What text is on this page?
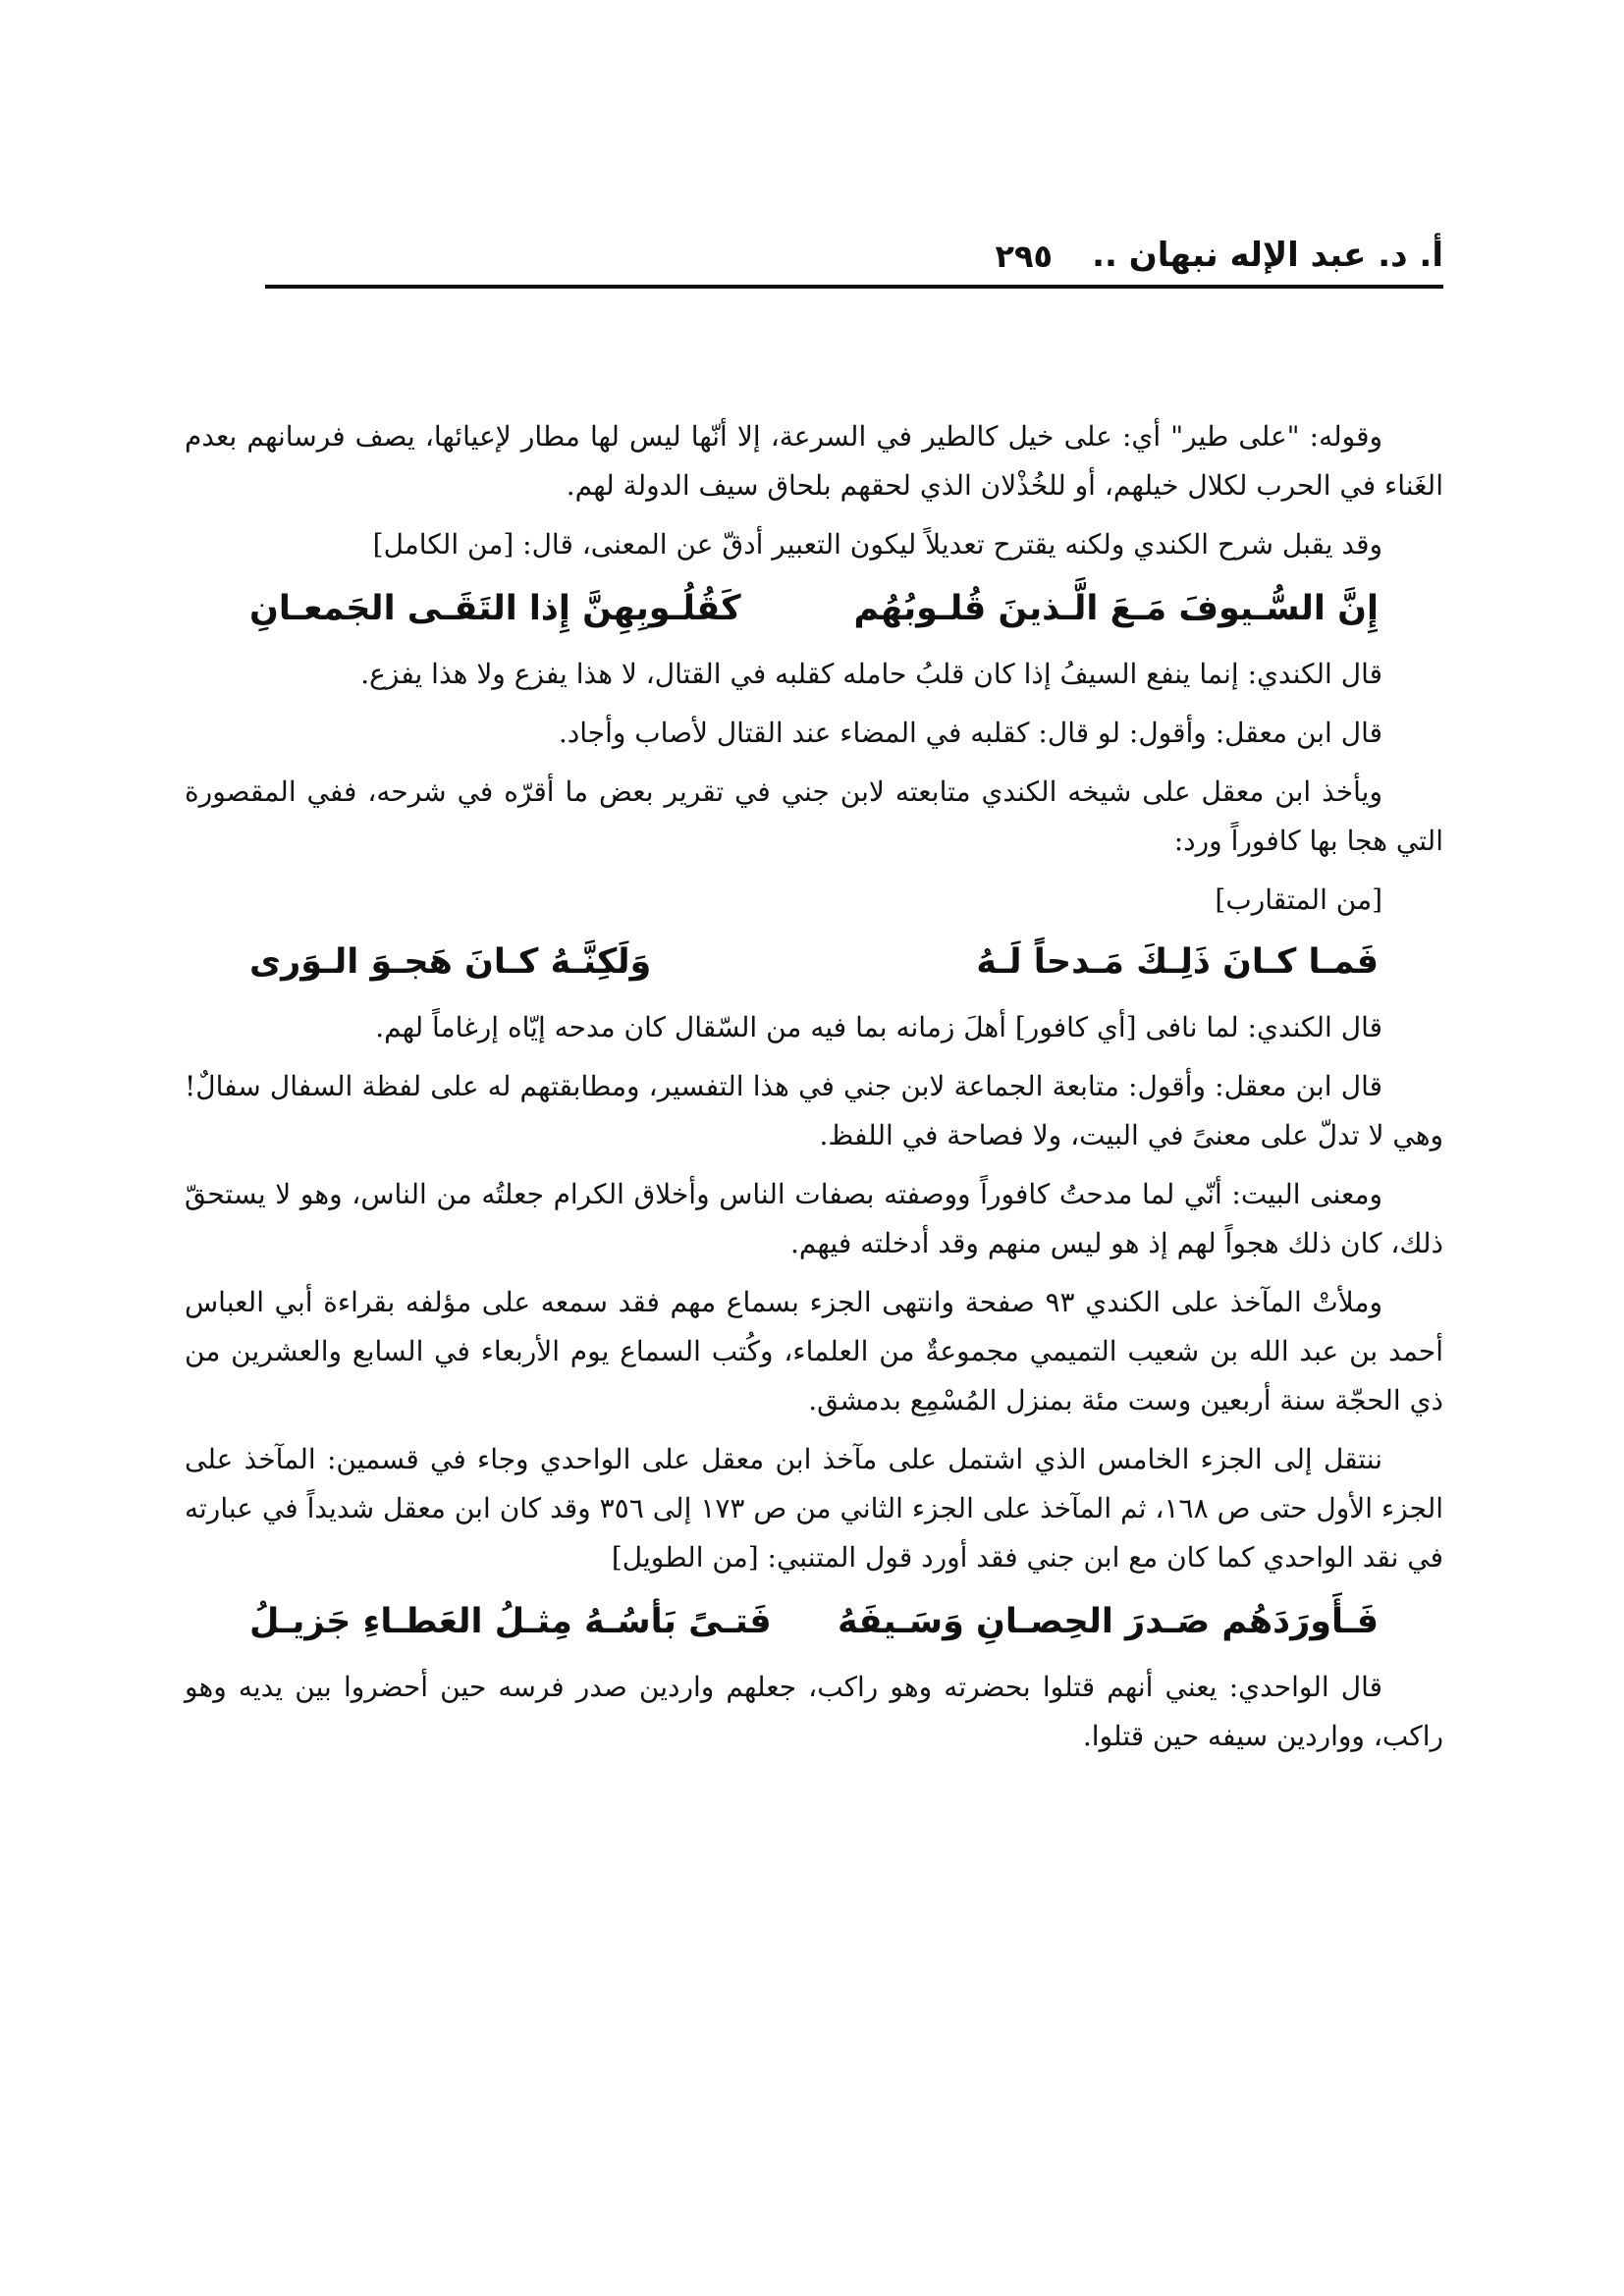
أ. د. عبد الإله نبهان ..
٢٩٥

وقوله: "على طير" أي: على خيل كالطير في السرعة، إلا أنّها ليس لها مطار لإعيائها، يصف فرسانهم بعدم الغَناء في الحرب لكلال خيلهم، أو للخُذْلان الذي لحقهم بلحاق سيف الدولة لهم.

وقد يقبل شرح الكندي ولكنه يقترح تعديلاً ليكون التعبير أدقّ عن المعنى، قال: [من الكامل]

إِنَّ السُّـيوفَ مَـعَ الَّـذينَ قُلـوبُهُم
كَقُلُـوبِهِنَّ إِذا التَقَـى الجَمعـانِ

قال الكندي: إنما ينفع السيفُ إذا كان قلبُ حامله كقلبه في القتال، لا هذا يفزع ولا هذا يفزع.

قال ابن معقل: وأقول: لو قال: كقلبه في المضاء عند القتال لأصاب وأجاد.

ويأخذ ابن معقل على شيخه الكندي متابعته لابن جني في تقرير بعض ما أقرّه في شرحه، ففي المقصورة التي هجا بها كافوراً ورد:

[من المتقارب]

فَمـا كـانَ ذَلِـكَ مَـدحاً لَـهُ
وَلَكِنَّـهُ كـانَ هَجـوَ الـوَرى

قال الكندي: لما نافى [أي كافور] أهلَ زمانه بما فيه من السّقال كان مدحه إيّاه إرغاماً لهم.

قال ابن معقل: وأقول: متابعة الجماعة لابن جني في هذا التفسير، ومطابقتهم له على لفظة السفال سفالٌ! وهي لا تدلّ على معنىً في البيت، ولا فصاحة في اللفظ.

ومعنى البيت: أنّي لما مدحتُ كافوراً ووصفته بصفات الناس وأخلاق الكرام جعلتُه من الناس، وهو لا يستحقّ ذلك، كان ذلك هجواً لهم إذ هو ليس منهم وقد أدخلته فيهم.

وملأتْ المآخذ على الكندي ٩٣ صفحة وانتهى الجزء بسماع مهم فقد سمعه على مؤلفه بقراءة أبي العباس أحمد بن عبد الله بن شعيب التميمي مجموعةٌ من العلماء، وكُتب السماع يوم الأربعاء في السابع والعشرين من ذي الحجّة سنة أربعين وست مئة بمنزل المُسْمِع بدمشق.

ننتقل إلى الجزء الخامس الذي اشتمل على مآخذ ابن معقل على الواحدي وجاء في قسمين: المآخذ على الجزء الأول حتى ص ١٦٨، ثم المآخذ على الجزء الثاني من ص ١٧٣ إلى ٣٥٦ وقد كان ابن معقل شديداً في عبارته في نقد الواحدي كما كان مع ابن جني فقد أورد قول المتنبي: [من الطويل]

فَـأَورَدَهُم صَـدرَ الحِصـانِ وَسَـيفَهُ
فَتـىً بَأسُـهُ مِثـلُ العَطـاءِ جَزيـلُ

قال الواحدي: يعني أنهم قتلوا بحضرته وهو راكب، جعلهم واردين صدر فرسه حين أحضروا بين يديه وهو راكب، وواردين سيفه حين قتلوا.
